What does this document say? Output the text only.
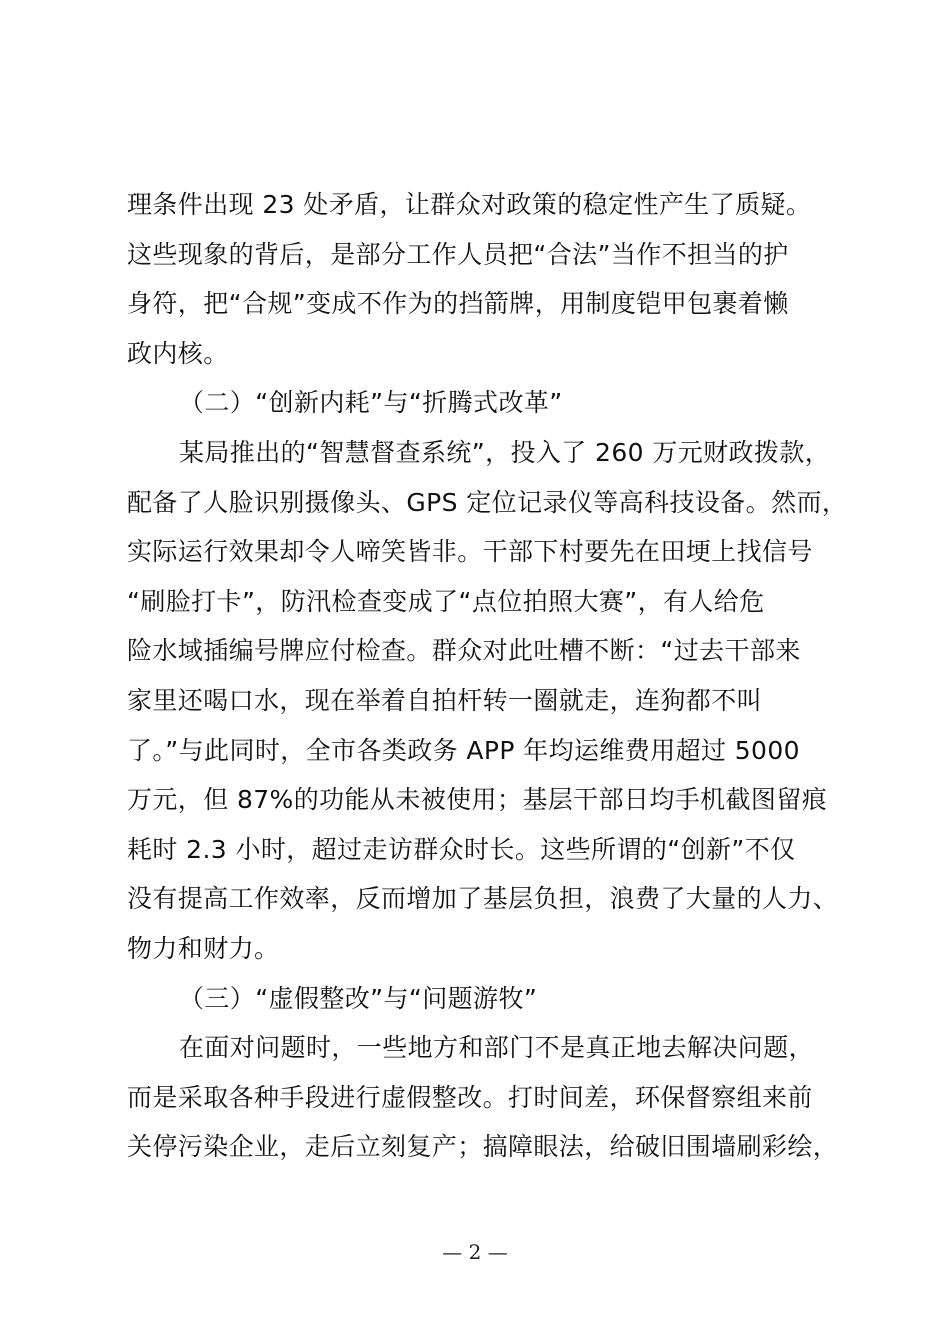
理条件出现 23 处矛盾，让群众对政策的稳定性产生了质疑。
这些现象的背后，是部分工作人员把“合法”当作不担当的护
身符，把“合规”变成不作为的挡箭牌，用制度铠甲包裹着懒
政内核。
（二）“创新内耗”与“折腾式改革”
某局推出的“智慧督查系统”，投入了 260 万元财政拨款，
配备了人脸识别摄像头、GPS 定位记录仪等高科技设备。然而，
实际运行效果却令人啼笑皆非。干部下村要先在田埂上找信号
“刷脸打卡”，防汛检查变成了“点位拍照大赛”，有人给危
险水域插编号牌应付检查。群众对此吐槽不断：“过去干部来
家里还喝口水，现在举着自拍杆转一圈就走，连狗都不叫
了。”与此同时，全市各类政务 APP 年均运维费用超过 5000
万元，但 87%的功能从未被使用；基层干部日均手机截图留痕
耗时 2.3 小时，超过走访群众时长。这些所谓的“创新”不仅
没有提高工作效率，反而增加了基层负担，浪费了大量的人力、
物力和财力。
（三）“虚假整改”与“问题游牧”
在面对问题时，一些地方和部门不是真正地去解决问题，
而是采取各种手段进行虚假整改。打时间差，环保督察组来前
关停污染企业，走后立刻复产；搞障眼法，给破旧围墙刷彩绘，
— 2 —
